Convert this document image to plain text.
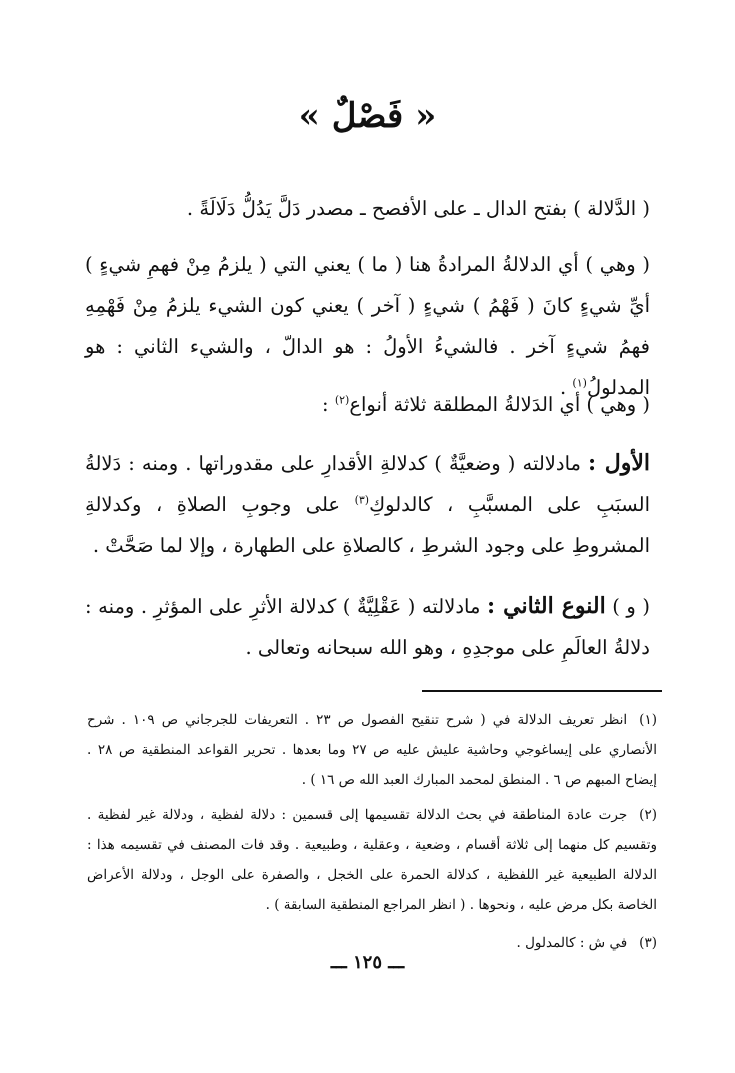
« فَصْلٌ »
( الدَّلالة ) بفتح الدال ـ على الأفصح ـ مصدر دَلَّ يَدُلُّ دَلَالَةً .
( وهي ) أي الدلالةُ المرادةُ هنا ( ما ) يعني التي ( يلزمُ مِنْ فهمِ شيءٍ ) أيِّ شيءٍ كانَ ( فَهْمُ ) شيءٍ ( آخر ) يعني كون الشيء يلزمُ مِنْ فَهْمِهِ فهمُ شيءٍ آخر . فالشيءُ الأولُ : هو الدالّ ، والشيء الثاني : هو المدلولُ$^{(١)}$ .
( وهي ) أي الدَلالةُ المطلقة ثلاثة أنواع$^{(٢)}$ :
الأول : مادلالته ( وضعيَّةٌ ) كدلالةِ الأقدارِ على مقدوراتها . ومنه : دَلالةُ السبَبِ على المسبَّبِ ، كالدلوكِ$^{(٣)}$ على وجوبِ الصلاةِ ، وكدلالةِ المشروطِ على وجود الشرطِ ، كالصلاةِ على الطهارة ، وإلا لما صَحَّتْ .
( و ) النوع الثاني : مادلالته ( عَقْلِيَّةٌ ) كدلالة الأثرِ على المؤثرِ . ومنه : دلالةُ العالَمِ على موجدِهِ ، وهو الله سبحانه وتعالى .
(١)انظر تعريف الدلالة في ( شرح تنقيح الفصول ص ٢٣ . التعريفات للجرجاني ص ١٠٩ . شرح الأنصاري على إيساغوجي وحاشية عليش عليه ص ٢٧ وما بعدها . تحرير القواعد المنطقية ص ٢٨ . إيضاح المبهم ص ٦ . المنطق لمحمد المبارك العبد الله ص ١٦ ) .
(٢)جرت عادة المناطقة في بحث الدلالة تقسيمها إلى قسمين : دلالة لفظية ، ودلالة غير لفظية . وتقسيم كل منهما إلى ثلاثة أقسام ، وضعية ، وعقلية ، وطبيعية . وقد فات المصنف في تقسيمه هذا : الدلالة الطبيعية غير اللفظية ، كدلالة الحمرة على الخجل ، والصفرة على الوجل ، ودلالة الأعراض الخاصة بكل مرض عليه ، ونحوها . ( انظر المراجع المنطقية السابقة ) .
(٣)في ش : كالمدلول .
ـــ ١٢٥ ـــ
